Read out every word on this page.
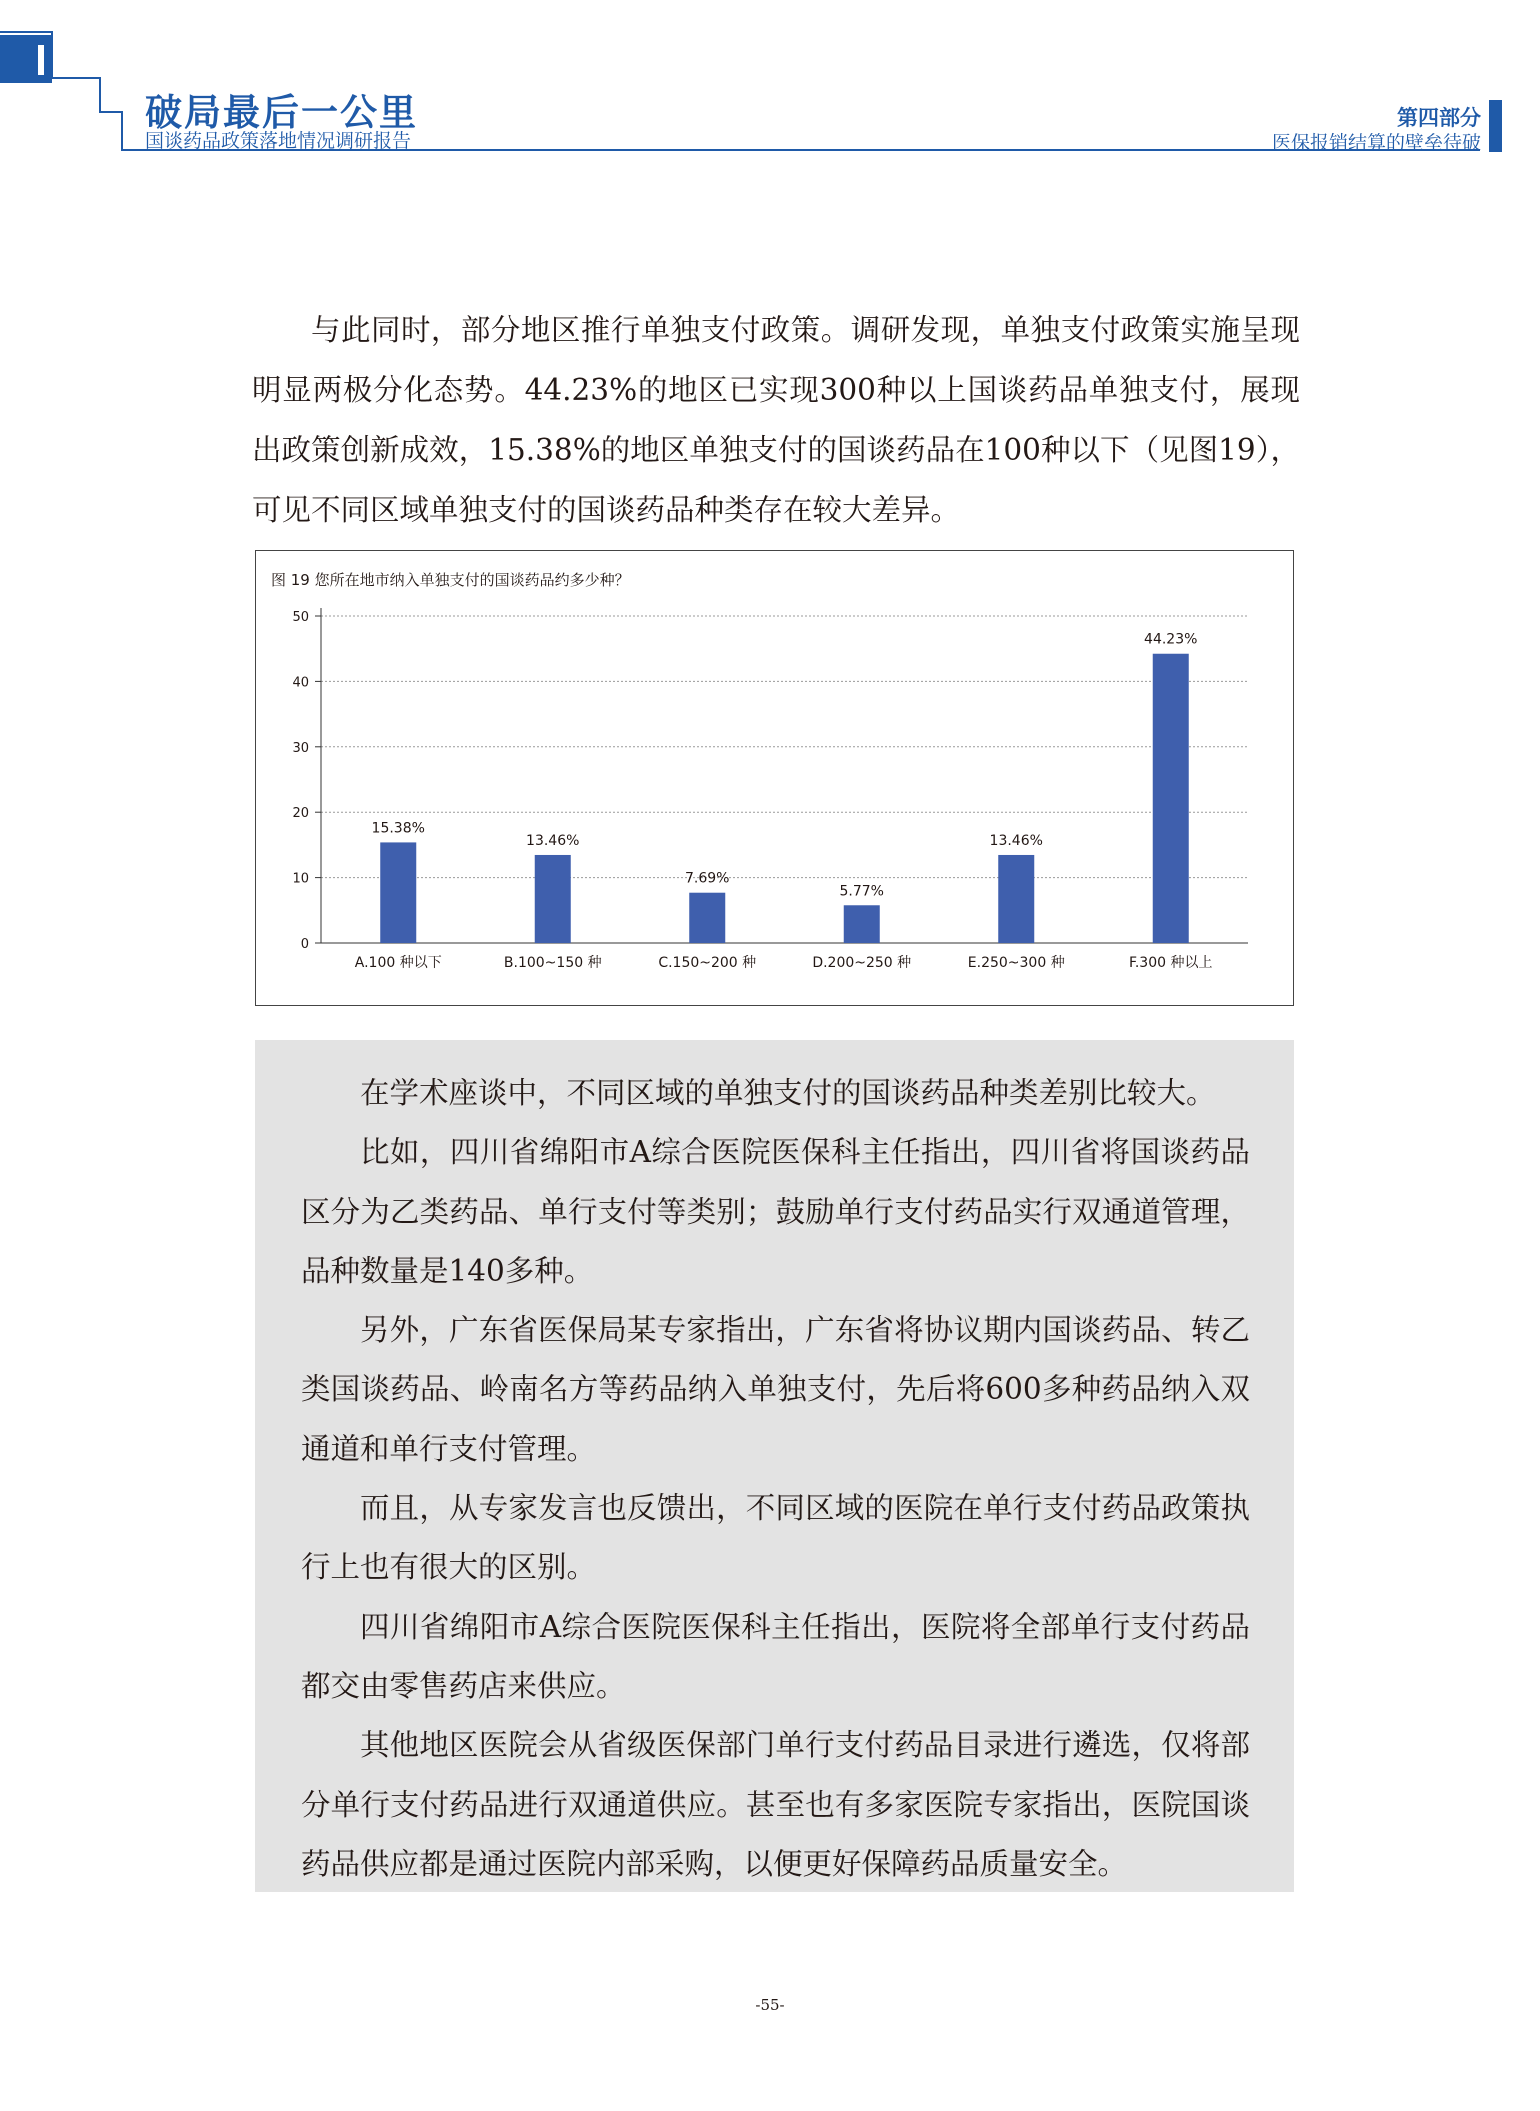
破局最后一公里
国谈药品政策落地情况调研报告
第四部分
医保报销结算的壁垒待破

与此同时，部分地区推行单独支付政策。调研发现，单独支付政策实施呈现明显两极分化态势。44.23%的地区已实现300种以上国谈药品单独支付，展现出政策创新成效，15.38%的地区单独支付的国谈药品在100种以下（见图19），可见不同区域单独支付的国谈药品种类存在较大差异。

图 19 您所在地市纳入单独支付的国谈药品约多少种？
0
10
20
30
40
50
15.38%
A.100 种以下
13.46%
B.100~150 种
7.69%
C.150~200 种
5.77%
D.200~250 种
13.46%
E.250~300 种
44.23%
F.300 种以上

在学术座谈中，不同区域的单独支付的国谈药品种类差别比较大。

比如，四川省绵阳市A综合医院医保科主任指出，四川省将国谈药品区分为乙类药品、单行支付等类别；鼓励单行支付药品实行双通道管理，品种数量是140多种。

另外，广东省医保局某专家指出，广东省将协议期内国谈药品、转乙类国谈药品、岭南名方等药品纳入单独支付，先后将600多种药品纳入双通道和单行支付管理。

而且，从专家发言也反馈出，不同区域的医院在单行支付药品政策执行上也有很大的区别。

四川省绵阳市A综合医院医保科主任指出，医院将全部单行支付药品都交由零售药店来供应。

其他地区医院会从省级医保部门单行支付药品目录进行遴选，仅将部分单行支付药品进行双通道供应。甚至也有多家医院专家指出，医院国谈药品供应都是通过医院内部采购，以便更好保障药品质量安全。

-55-
